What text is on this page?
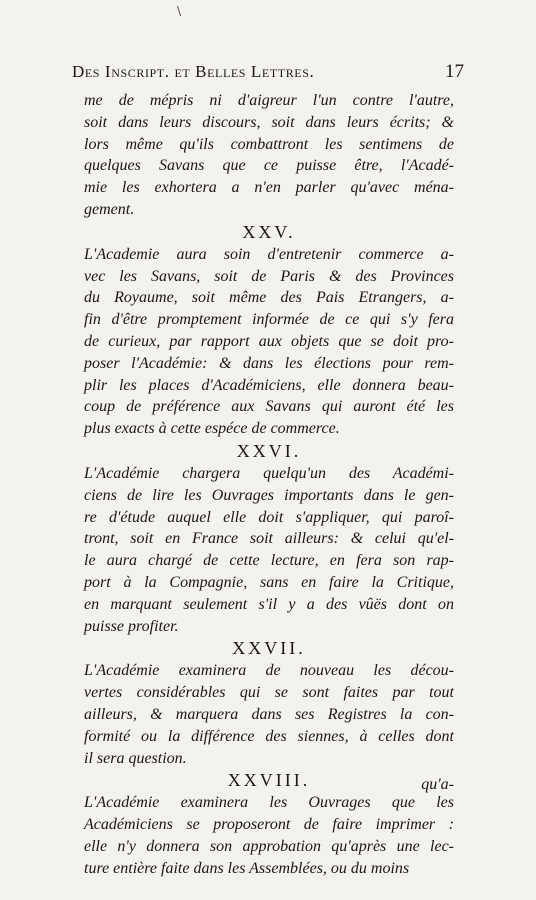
\
Des Inscript. et Belles Lettres.	17
me de mépris ni d'aigreur l'un contre l'autre,
soit dans leurs discours, soit dans leurs écrits; &
lors même qu'ils combattront les sentimens de
quelques Savans que ce puisse être, l'Acadé-
mie les exhortera a n'en parler qu'avec ména-
gement.
XXV.
L'Academie aura soin d'entretenir commerce a-
vec les Savans, soit de Paris & des Provinces
du Royaume, soit même des Pais Etrangers, a-
fin d'être promptement informée de ce qui s'y fera
de curieux, par rapport aux objets que se doit pro-
poser l'Académie: & dans les élections pour rem-
plir les places d'Académiciens, elle donnera beau-
coup de préférence aux Savans qui auront été les
plus exacts à cette espéce de commerce.
XXVI.
L'Académie chargera quelqu'un des Académi-
ciens de lire les Ouvrages importants dans le gen-
re d'étude auquel elle doit s'appliquer, qui paroî-
tront, soit en France soit ailleurs: & celui qu'el-
le aura chargé de cette lecture, en fera son rap-
port à la Compagnie, sans en faire la Critique,
en marquant seulement s'il y a des vûës dont on
puisse profiter.
XXVII.
L'Académie examinera de nouveau les décou-
vertes considérables qui se sont faites par tout
ailleurs, & marquera dans ses Registres la con-
formité ou la différence des siennes, à celles dont
il sera question.
XXVIII.
L'Académie examinera les Ouvrages que les
Académiciens se proposeront de faire imprimer :
elle n'y donnera son approbation qu'après une lec-
ture entière faite dans les Assemblées, ou du moins
qu'a-
